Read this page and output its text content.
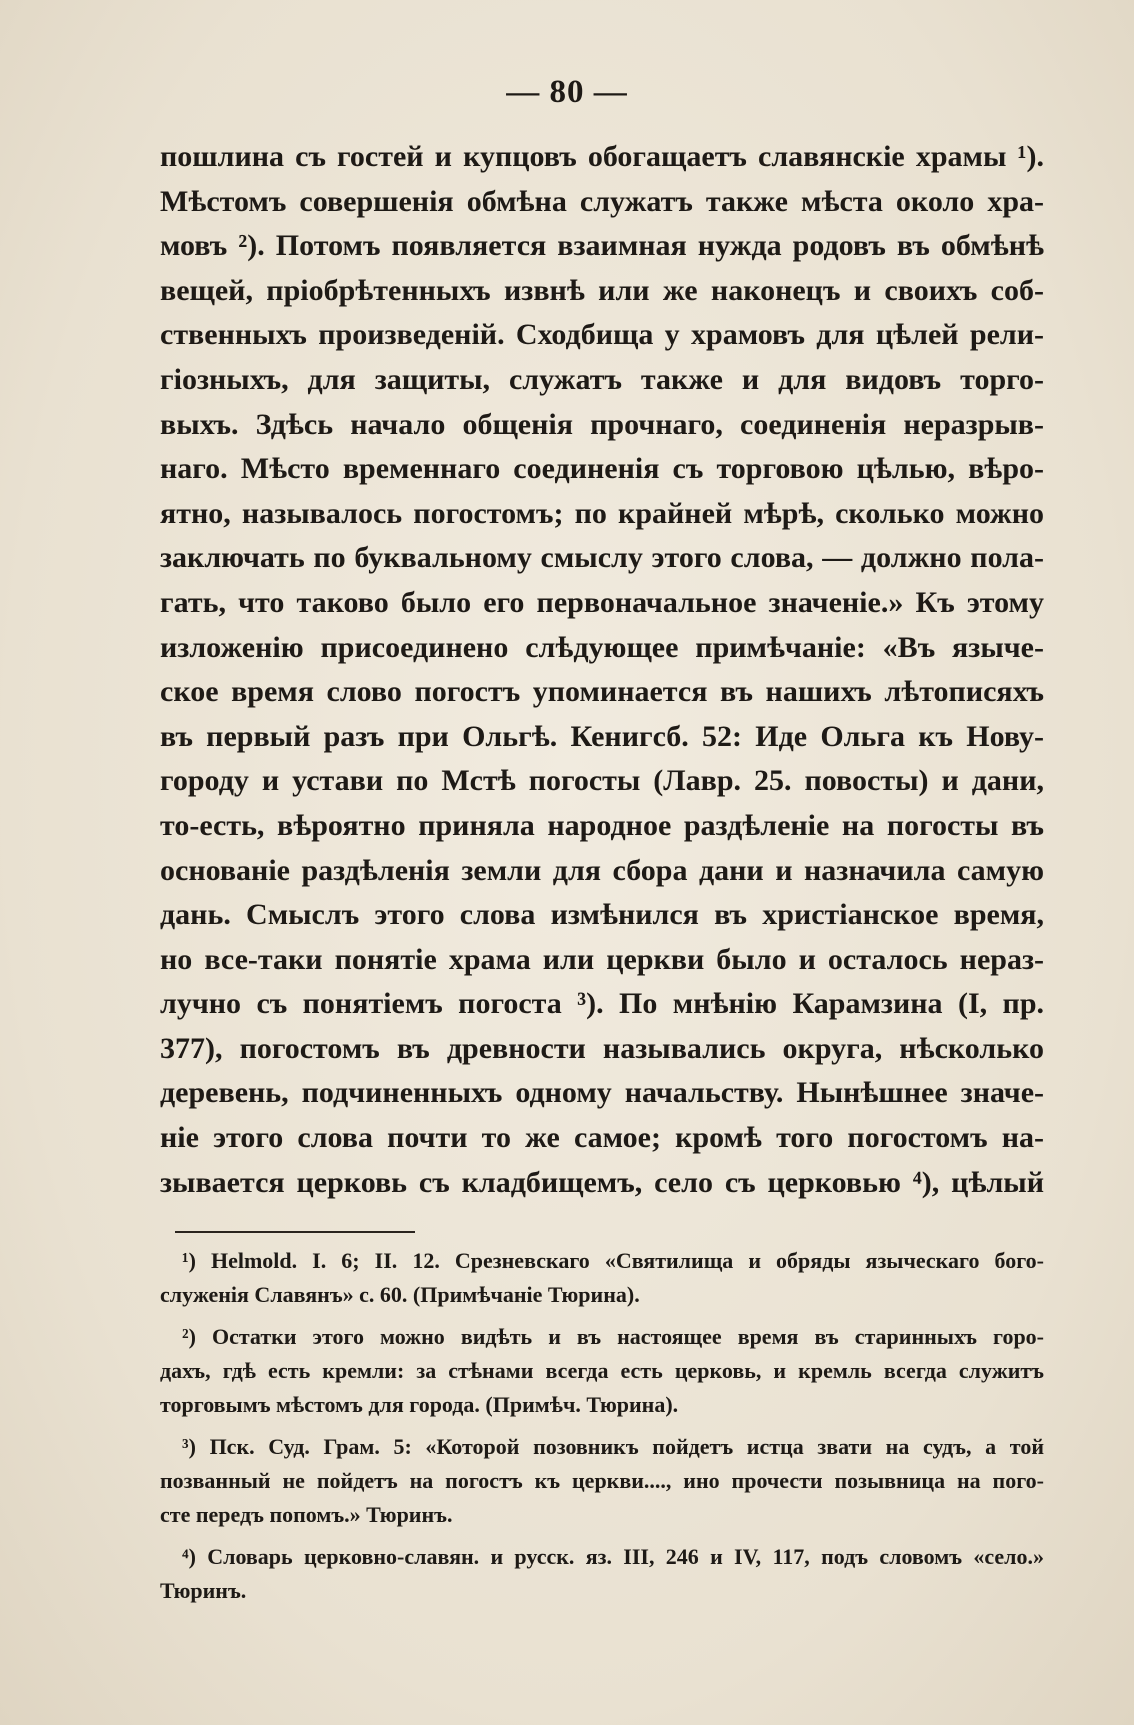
— 80 —
пошлина съ гостей и купцовъ обогащаетъ славянскіе храмы ¹).
Мѣстомъ совершенія обмѣна служатъ также мѣста около хра-
мовъ ²). Потомъ появляется взаимная нужда родовъ въ обмѣнѣ
вещей, пріобрѣтенныхъ извнѣ или же наконецъ и своихъ соб-
ственныхъ произведеній. Сходбища у храмовъ для цѣлей рели-
гіозныхъ, для защиты, служатъ также и для видовъ торго-
выхъ. Здѣсь начало общенія прочнаго, соединенія неразрыв-
наго. Мѣсто временнаго соединенія съ торговою цѣлью, вѣро-
ятно, называлось погостомъ; по крайней мѣрѣ, сколько можно
заключать по буквальному смыслу этого слова, — должно пола-
гать, что таково было его первоначальное значеніе.» Къ этому
изложенію присоединено слѣдующее примѣчаніе: «Въ языче-
ское время слово погостъ упоминается въ нашихъ лѣтописяхъ
въ первый разъ при Ольгѣ. Кенигсб. 52: Иде Ольга къ Нову-
городу и устави по Мстѣ погосты (Лавр. 25. повосты) и дани,
то-есть, вѣроятно приняла народное раздѣленіе на погосты въ
основаніе раздѣленія земли для сбора дани и назначила самую
дань. Смыслъ этого слова измѣнился въ христіанское время,
но все-таки понятіе храма или церкви было и осталось нераз-
лучно съ понятіемъ погоста ³). По мнѣнію Карамзина (I, пр.
377), погостомъ въ древности назывались округа, нѣсколько
деревень, подчиненныхъ одному начальству. Нынѣшнее значе-
ніе этого слова почти то же самое; кромѣ того погостомъ на-
зывается церковь съ кладбищемъ, село съ церковью ⁴), цѣлый
¹) Helmold. I. 6; II. 12. Срезневскаго «Святилища и обряды языческаго бого-
служенія Славянъ» с. 60. (Примѣчаніе Тюрина).
²) Остатки этого можно видѣть и въ настоящее время въ старинныхъ горо-
дахъ, гдѣ есть кремли: за стѣнами всегда есть церковь, и кремль всегда служитъ
торговымъ мѣстомъ для города. (Примѣч. Тюрина).
³) Пск. Суд. Грам. 5: «Которой позовникъ пойдетъ истца звати на судъ, а той
позванный не пойдетъ на погостъ къ церкви...., ино прочести позывница на пого-
сте передъ попомъ.» Тюринъ.
⁴) Словарь церковно-славян. и русск. яз. III, 246 и IV, 117, подъ словомъ «село.»
Тюринъ.
